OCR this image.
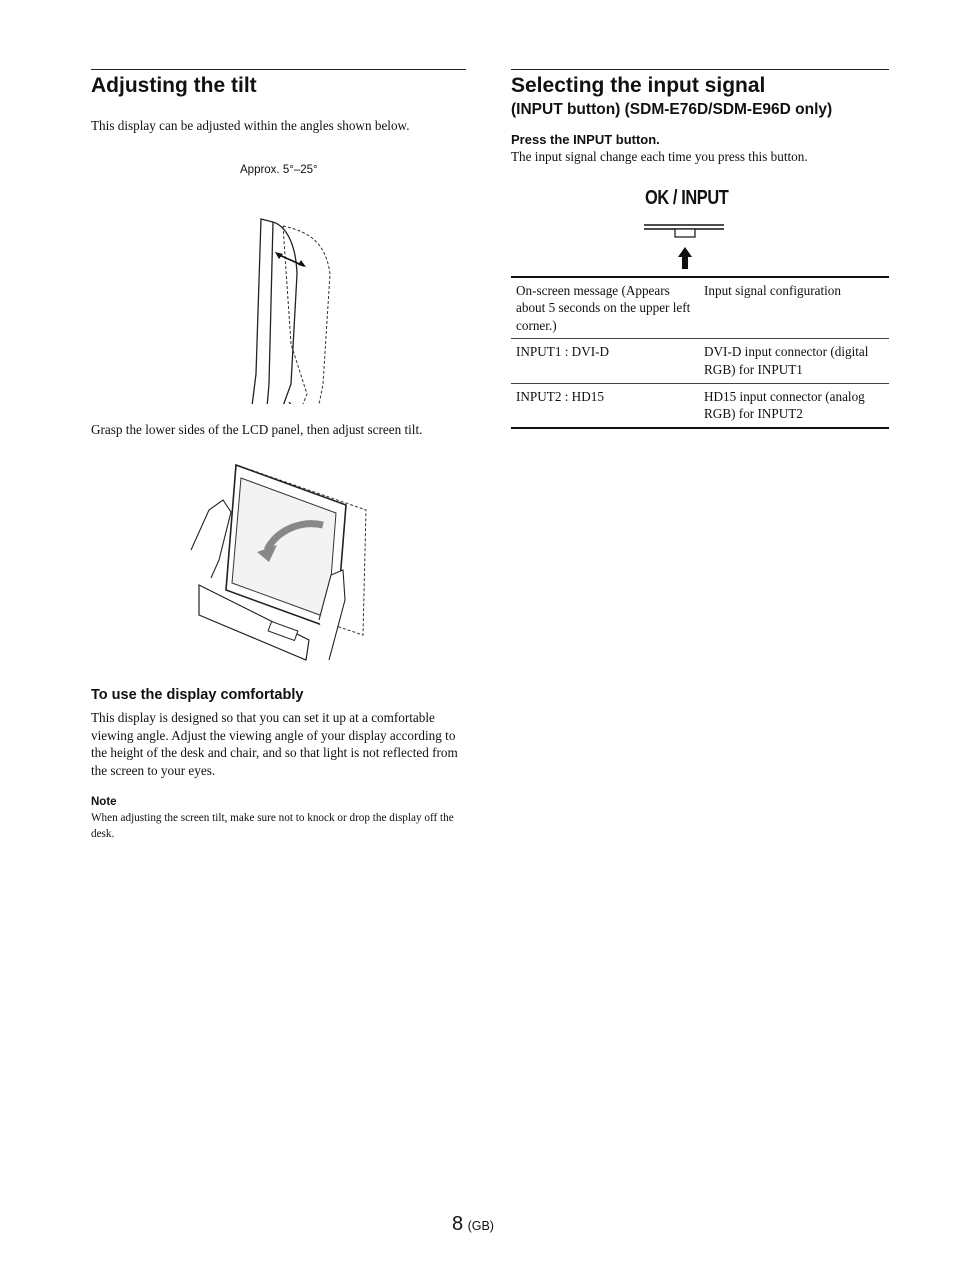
Adjusting the tilt

This display can be adjusted within the angles shown below.

Approx. 5°–25°

Grasp the lower sides of the LCD panel, then adjust screen tilt.

To use the display comfortably

This display is designed so that you can set it up at a comfortable viewing angle. Adjust the viewing angle of your display according to the height of the desk and chair, and so that light is not reflected from the screen to your eyes.

Note

When adjusting the screen tilt, make sure not to knock or drop the display off the desk.

Selecting the input signal
(INPUT button) (SDM-E76D/SDM-E96D only)
Press the INPUT button.

The input signal change each time you press this button.

OK / INPUT
On-screen message (Appears about 5 seconds on the upper left corner.)	Input signal configuration
INPUT1 : DVI-D	DVI-D input connector (digital RGB) for INPUT1
INPUT2 : HD15	HD15 input connector (analog RGB) for INPUT2
8 (GB)
